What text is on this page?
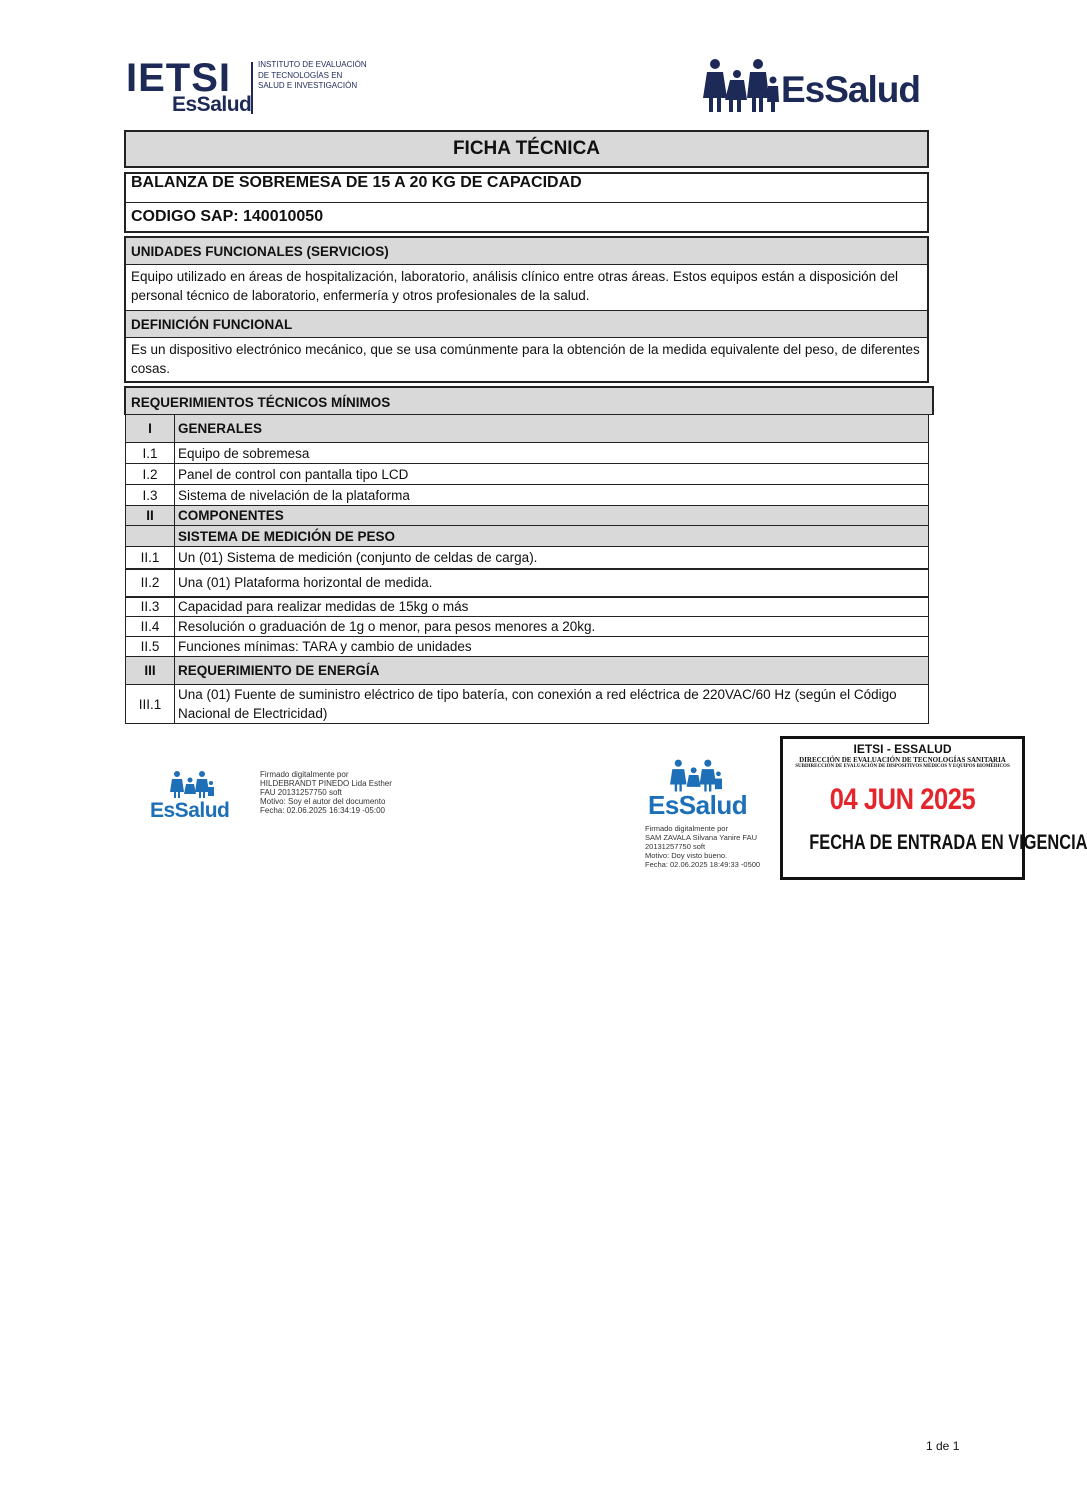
IETSI
EsSalud
INSTITUTO DE EVALUACIÓN DE TECNOLOGÍAS EN SALUD E INVESTIGACIÓN	EsSalud
FICHA TÉCNICA
BALANZA DE SOBREMESA DE 15 A 20 KG DE CAPACIDAD
CODIGO SAP: 140010050
UNIDADES FUNCIONALES (SERVICIOS)
Equipo utilizado en áreas de hospitalización, laboratorio, análisis clínico entre otras áreas. Estos equipos están a disposición del personal técnico de laboratorio, enfermería y otros profesionales de la salud.
DEFINICIÓN FUNCIONAL
Es un dispositivo electrónico mecánico, que se usa comúnmente para la obtención de la medida equivalente del peso, de diferentes cosas.
REQUERIMIENTOS TÉCNICOS MÍNIMOS
I	GENERALES
I.1	Equipo de sobremesa
I.2	Panel de control con pantalla tipo LCD
I.3	Sistema de nivelación de la plataforma
II	COMPONENTES
	SISTEMA DE MEDICIÓN DE PESO
II.1	Un (01) Sistema de medición (conjunto de celdas de carga).
II.2	Una (01) Plataforma horizontal de medida.
II.3	Capacidad para realizar medidas de 15kg o más
II.4	Resolución o graduación de 1g o menor, para pesos menores a 20kg.
II.5	Funciones mínimas: TARA y cambio de unidades
III	REQUERIMIENTO DE ENERGÍA
III.1	Una (01) Fuente de suministro eléctrico de tipo batería, con conexión a red eléctrica de 220VAC/60 Hz (según el Código Nacional de Electricidad)
EsSalud
Firmado digitalmente por
HILDEBRANDT PINEDO Lida Esther
FAU 20131257750 soft
Motivo: Soy el autor del documento
Fecha: 02.06.2025 16:34:19 -05:00	EsSalud
Firmado digitalmente por
SAM ZAVALA Silvana Yanire FAU
20131257750 soft
Motivo: Doy visto bueno.
Fecha: 02.06.2025 18:49:33 -0500
IETSI - ESSALUD
DIRECCIÓN DE EVALUACIÓN DE TECNOLOGÍAS SANITARIA
SUBDIRECCIÓN DE EVALUACIÓN DE DISPOSITIVOS MÉDICOS Y EQUIPOS BIOMÉDICOS
04 JUN 2025
FECHA DE ENTRADA EN VIGENCIA
1 de 1
